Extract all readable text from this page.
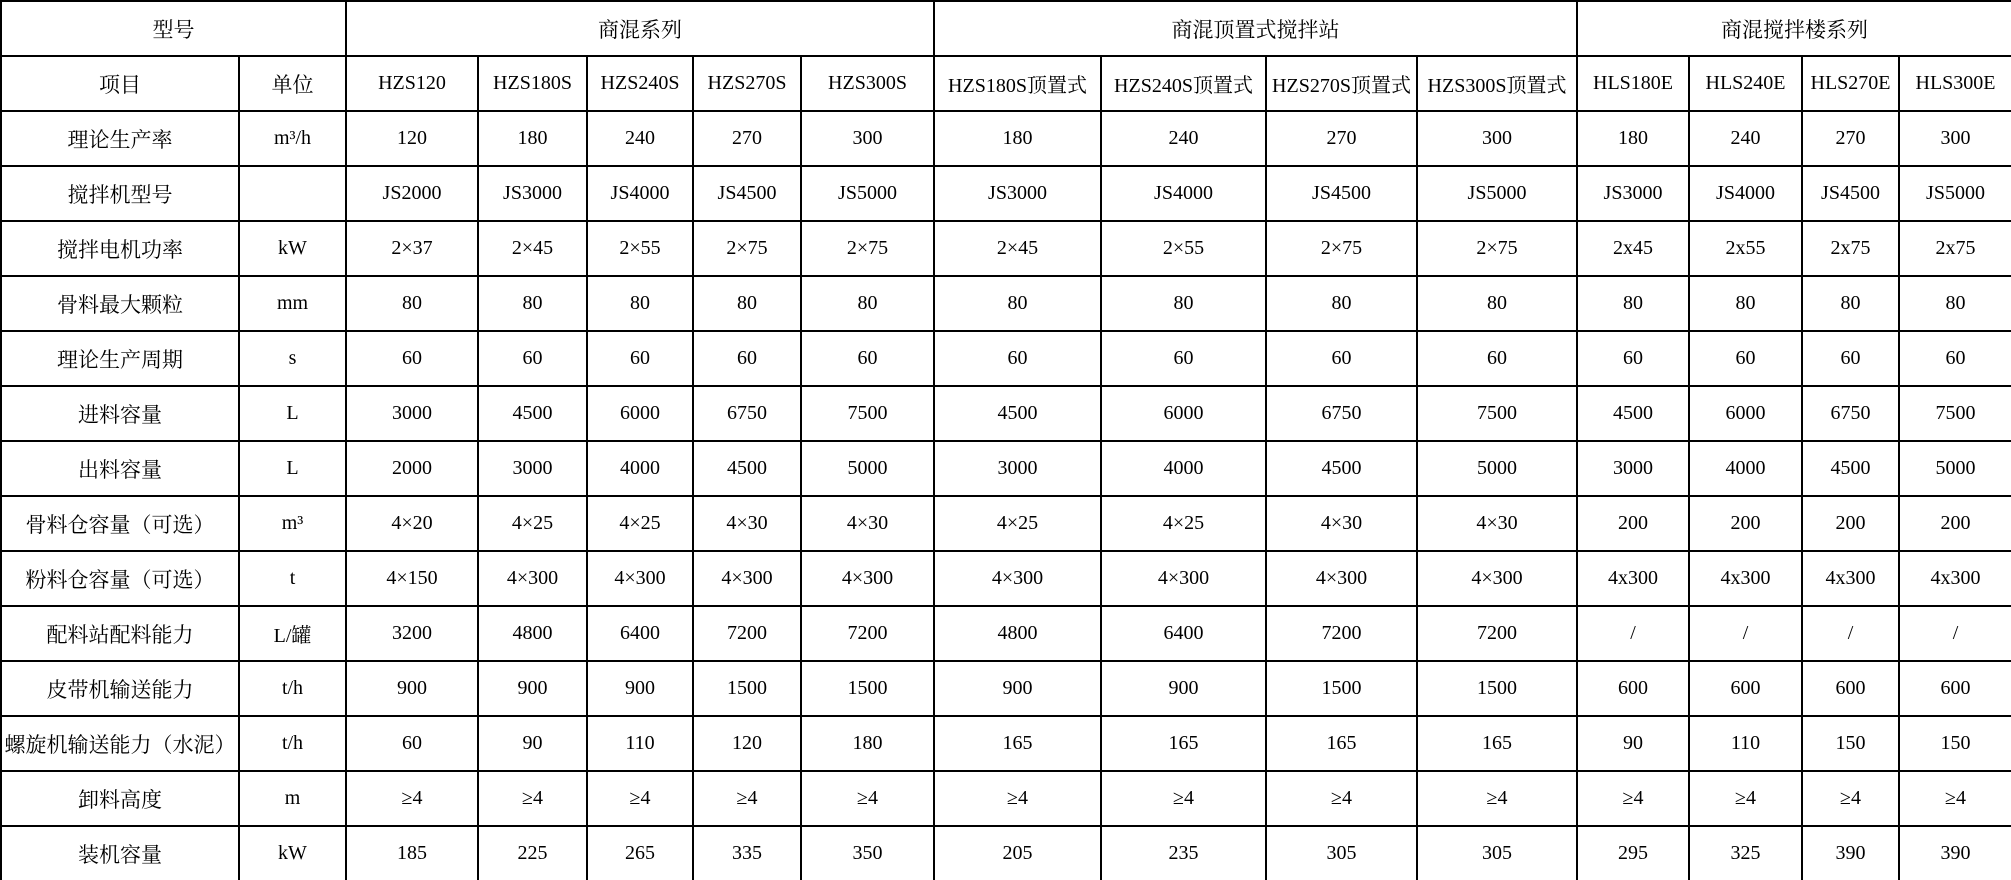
型号		商混系列					商混顶置式搅拌站				商混搅拌楼系列			
项目	单位	HZS120	HZS180S	HZS240S	HZS270S	HZS300S	HZS180S顶置式	HZS240S顶置式	HZS270S顶置式	HZS300S顶置式	HLS180E	HLS240E	HLS270E	HLS300E
理论生产率	m³/h	120	180	240	270	300	180	240	270	300	180	240	270	300
搅拌机型号		JS2000	JS3000	JS4000	JS4500	JS5000	JS3000	JS4000	JS4500	JS5000	JS3000	JS4000	JS4500	JS5000
搅拌电机功率	kW	2×37	2×45	2×55	2×75	2×75	2×45	2×55	2×75	2×75	2x45	2x55	2x75	2x75
骨料最大颗粒	mm	80	80	80	80	80	80	80	80	80	80	80	80	80
理论生产周期	s	60	60	60	60	60	60	60	60	60	60	60	60	60
进料容量	L	3000	4500	6000	6750	7500	4500	6000	6750	7500	4500	6000	6750	7500
出料容量	L	2000	3000	4000	4500	5000	3000	4000	4500	5000	3000	4000	4500	5000
骨料仓容量（可选）	m³	4×20	4×25	4×25	4×30	4×30	4×25	4×25	4×30	4×30	200	200	200	200
粉料仓容量（可选）	t	4×150	4×300	4×300	4×300	4×300	4×300	4×300	4×300	4×300	4x300	4x300	4x300	4x300
配料站配料能力	L/罐	3200	4800	6400	7200	7200	4800	6400	7200	7200	/	/	/	/
皮带机输送能力	t/h	900	900	900	1500	1500	900	900	1500	1500	600	600	600	600
螺旋机输送能力（水泥）	t/h	60	90	110	120	180	165	165	165	165	90	110	150	150
卸料高度	m	≥4	≥4	≥4	≥4	≥4	≥4	≥4	≥4	≥4	≥4	≥4	≥4	≥4
装机容量	kW	185	225	265	335	350	205	235	305	305	295	325	390	390
